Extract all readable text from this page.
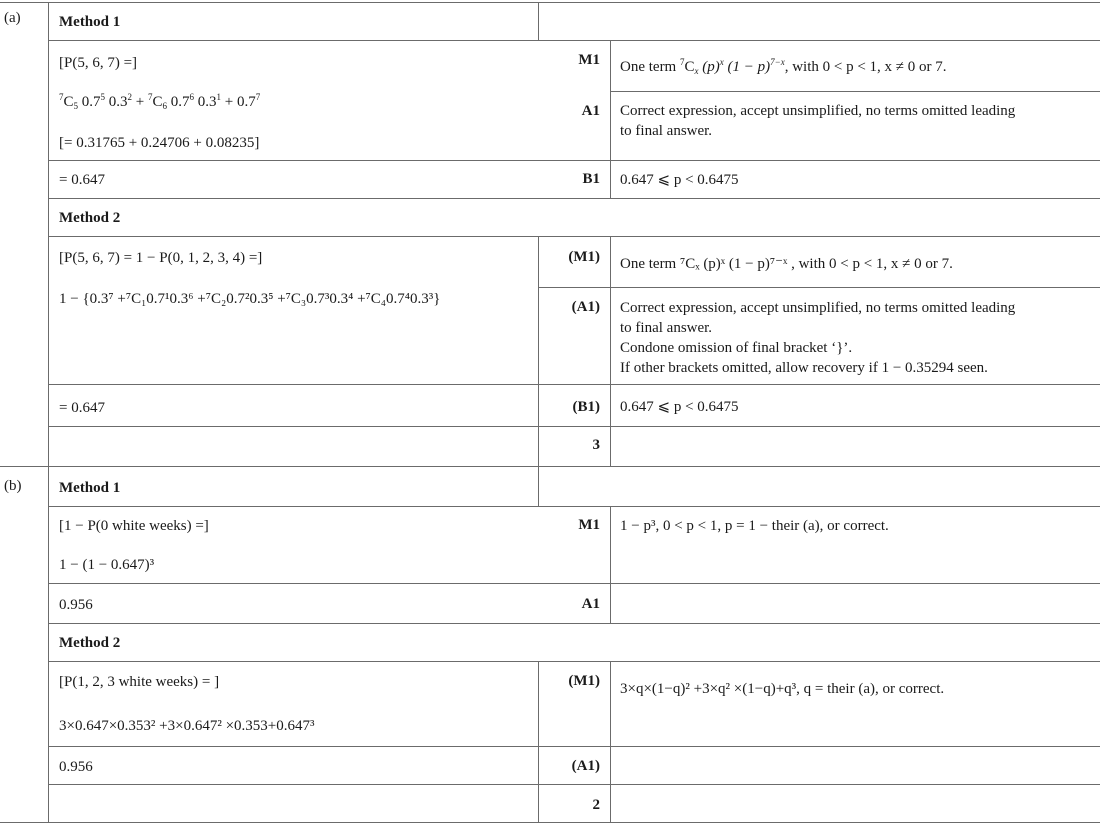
(a)	Method 1
[P(5, 6, 7) =]
$^7C_5$ $0.7^5$ $0.3^2 + ^7C_6$ $0.7^6$ $0.3^1 + 0.7^7$
[= 0.31765 + 0.24706 + 0.08235]
= 0.647
M1
A1
B1
One term $^7C_x$ $(p)^x$ $(1 - p)^{7-x}$, with 0 < p < 1, x ≠ 0 or 7.
Correct expression, accept unsimplified, no terms omitted leading
to final answer.
0.647 ⩽ p < 0.6475
Method 2
[P(5, 6, 7) = 1 − P(0, 1, 2, 3, 4) =]
1 − {0.3⁷ +⁷C₁0.7¹0.3⁶ +⁷C₂0.7²0.3⁵ +⁷C₃0.7³0.3⁴ +⁷C₄0.7⁴0.3³}
= 0.647
(M1)
(A1)
(B1)
One term ⁷Cₓ (p)ˣ (1 − p)⁷⁻ˣ , with 0 < p < 1, x ≠ 0 or 7.
Correct expression, accept unsimplified, no terms omitted leading
to final answer.
Condone omission of final bracket ‘}’.
If other brackets omitted, allow recovery if 1 − 0.35294 seen.
0.647 ⩽ p < 0.6475
3
(b)	Method 1
[1 − P(0 white weeks) =]
1 − (1 − 0.647)³
0.956
M1
A1
1 − p³, 0 < p < 1, p = 1 − their (a), or correct.
Method 2
[P(1, 2, 3 white weeks) = ]
3×0.647×0.353² +3×0.647² ×0.353+0.647³
0.956
(M1)
(A1)
3×q×(1−q)² +3×q² ×(1−q)+q³, q = their (a), or correct.
2
